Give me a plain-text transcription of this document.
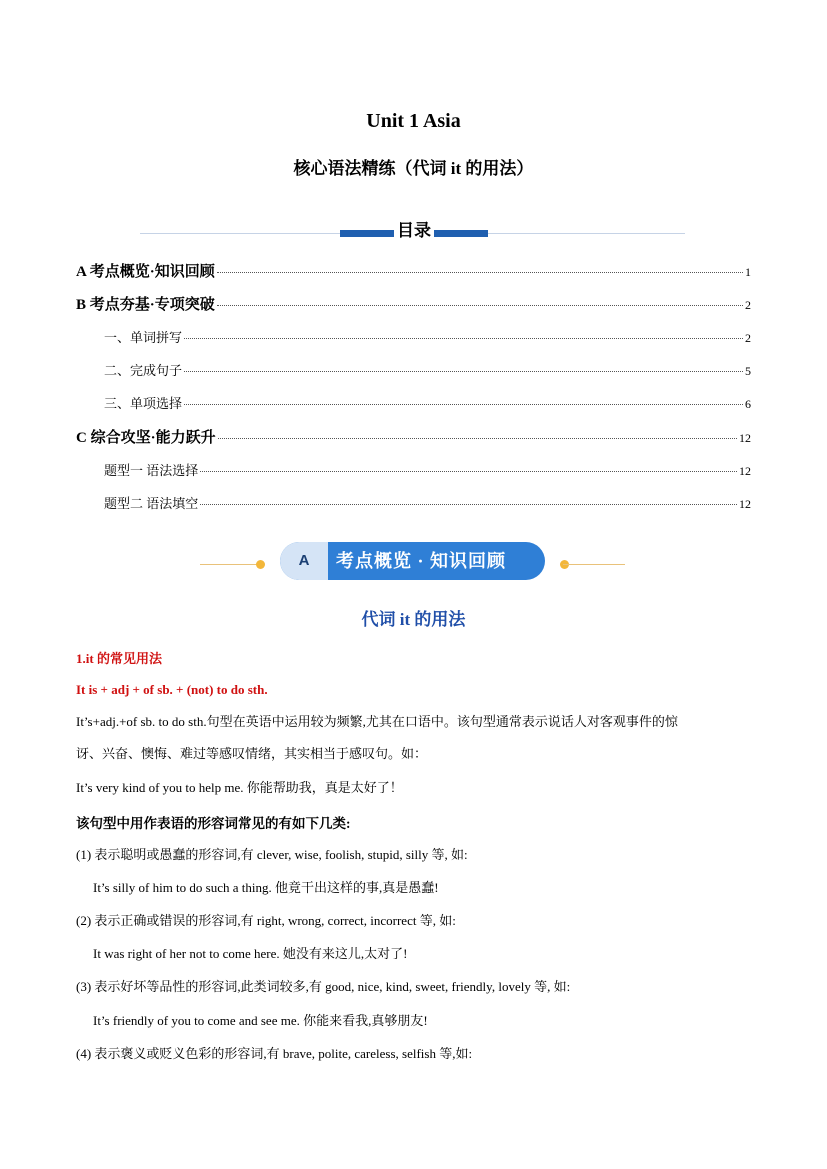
Unit 1 Asia
核心语法精练（代词 it 的用法）
目录
A 考点概览·知识回顾	1
B 考点夯基·专项突破	2
一、单词拼写	2
二、完成句子	5
三、单项选择	6
C 综合攻坚·能力跃升	12
题型一 语法选择	12
题型二 语法填空	12
A	考点概览 · 知识回顾
代词 it 的用法
1.it 的常见用法
It is + adj + of sb. + (not) to do sth.
It’s+adj.+of sb. to do sth.句型在英语中运用较为频繁,尤其在口语中。该句型通常表示说话人对客观事件的惊
讶、兴奋、懊悔、难过等感叹情绪，其实相当于感叹句。如：
It’s very kind of you to help me. 你能帮助我，真是太好了！
该句型中用作表语的形容词常见的有如下几类:
(1) 表示聪明或愚蠢的形容词,有 clever, wise, foolish, stupid, silly 等, 如:
It’s silly of him to do such a thing. 他竟干出这样的事,真是愚蠢!
(2) 表示正确或错误的形容词,有 right, wrong, correct, incorrect 等, 如:
It was right of her not to come here. 她没有来这儿,太对了!
(3) 表示好坏等品性的形容词,此类词较多,有 good, nice, kind, sweet, friendly, lovely 等, 如:
It’s friendly of you to come and see me. 你能来看我,真够朋友!
(4) 表示褒义或贬义色彩的形容词,有 brave, polite, careless, selfish 等,如:
